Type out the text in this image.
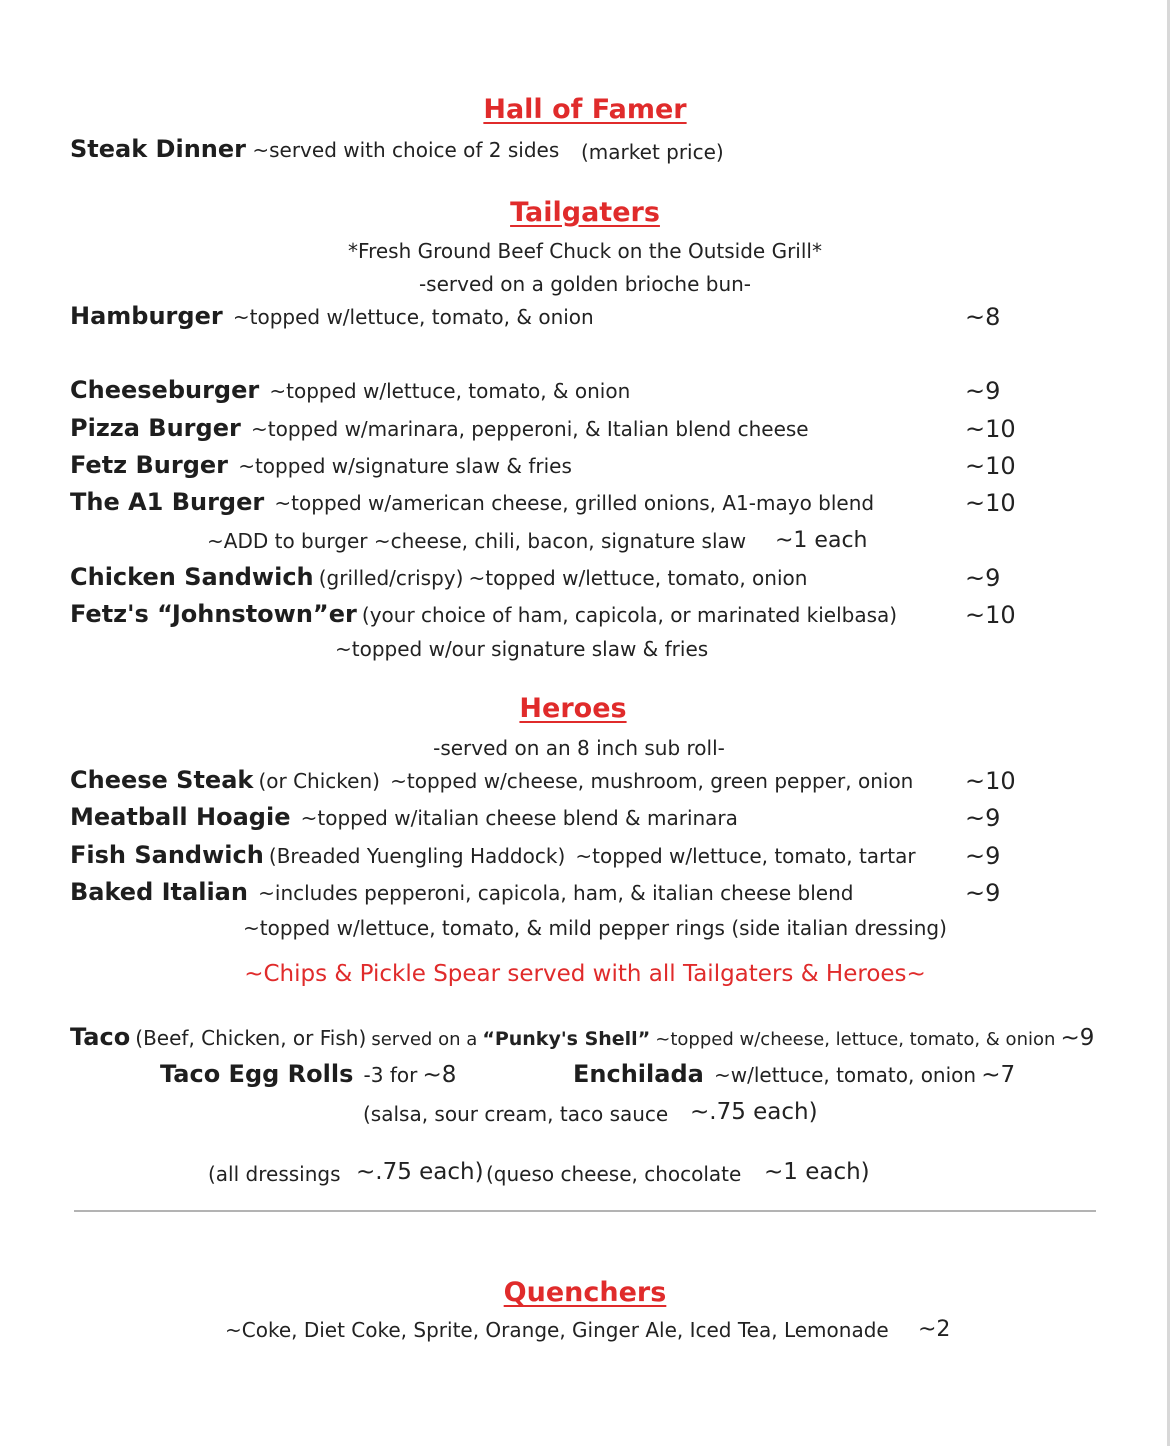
Hall of Famer
Steak Dinner ~served with choice of 2 sides (market price)
Tailgaters
*Fresh Ground Beef Chuck on the Outside Grill*
-served on a golden brioche bun-
Hamburger ~topped w/lettuce, tomato, & onion	~8
Cheeseburger ~topped w/lettuce, tomato, & onion	~9
Pizza Burger ~topped w/marinara, pepperoni, & Italian blend cheese	~10
Fetz Burger ~topped w/signature slaw & fries	~10
The A1 Burger ~topped w/american cheese, grilled onions, A1-mayo blend	~10
~ADD to burger ~cheese, chili, bacon, signature slaw ~1 each
Chicken Sandwich (grilled/crispy) ~topped w/lettuce, tomato, onion	~9
Fetz's “Johnstown”er (your choice of ham, capicola, or marinated kielbasa)	~10
~topped w/our signature slaw & fries
Heroes
-served on an 8 inch sub roll-
Cheese Steak (or Chicken) ~topped w/cheese, mushroom, green pepper, onion ~10
Meatball Hoagie ~topped w/italian cheese blend & marinara	~9
Fish Sandwich (Breaded Yuengling Haddock) ~topped w/lettuce, tomato, tartar ~9
Baked Italian ~includes pepperoni, capicola, ham, & italian cheese blend	~9
~topped w/lettuce, tomato, & mild pepper rings (side italian dressing)
~Chips & Pickle Spear served with all Tailgaters & Heroes~
Taco (Beef, Chicken, or Fish) served on a “Punky's Shell” ~topped w/cheese, lettuce, tomato, & onion ~9
Taco Egg Rolls -3 for ~8	Enchilada ~w/lettuce, tomato, onion ~7
(salsa, sour cream, taco sauce ~.75 each)
(all dressings ~.75 each) (queso cheese, chocolate ~1 each)
Quenchers
~Coke, Diet Coke, Sprite, Orange, Ginger Ale, Iced Tea, Lemonade ~2
